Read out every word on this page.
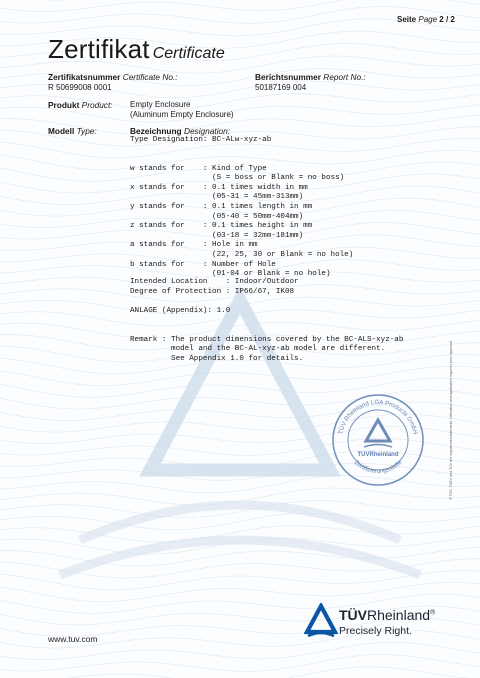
Seite Page 2 / 2
Zertifikat Certificate
Zertifikatsnummer Certificate No.:
R 50699008 0001
Berichtsnummer Report No.:
50187169 004
Produkt Product: Empty Enclosure
(Aluminum Empty Enclosure)
Modell Type:	Bezeichnung Designation:
Type Designation: BC-ALw-xyz-ab

w stands for    : Kind of Type
(S = boss or Blank = no boss)
x stands for    : 0.1 times width in mm
(05-31 = 45mm-313mm)
y stands for    : 0.1 times length in mm
(05-40 = 50mm-404mm)
z stands for    : 0.1 times height in mm
(03-18 = 32mm-181mm)
a stands for    : Hole in mm
(22, 25, 30 or Blank = no hole)
b stands for    : Number of Hole
(01-04 or Blank = no hole)
Intended Location    : Indoor/Outdoor
Degree of Protection : IP66/67, IK08
ANLAGE (Appendix): 1.0

Remark : The product dimensions covered by the BC-ALS-xyz-ab
model and the BC-AL-xyz-ab model are different.
See Appendix 1.0 for details.
TÜV Rheinland LGA Products GmbH
Zertifizierungsstelle
TÜVRheinland	® TÜV, TUEV and TUV are registered trademarks. Utilisation and application requires prior approval.
www.tuv.com
TÜVRheinland®
Precisely Right.
